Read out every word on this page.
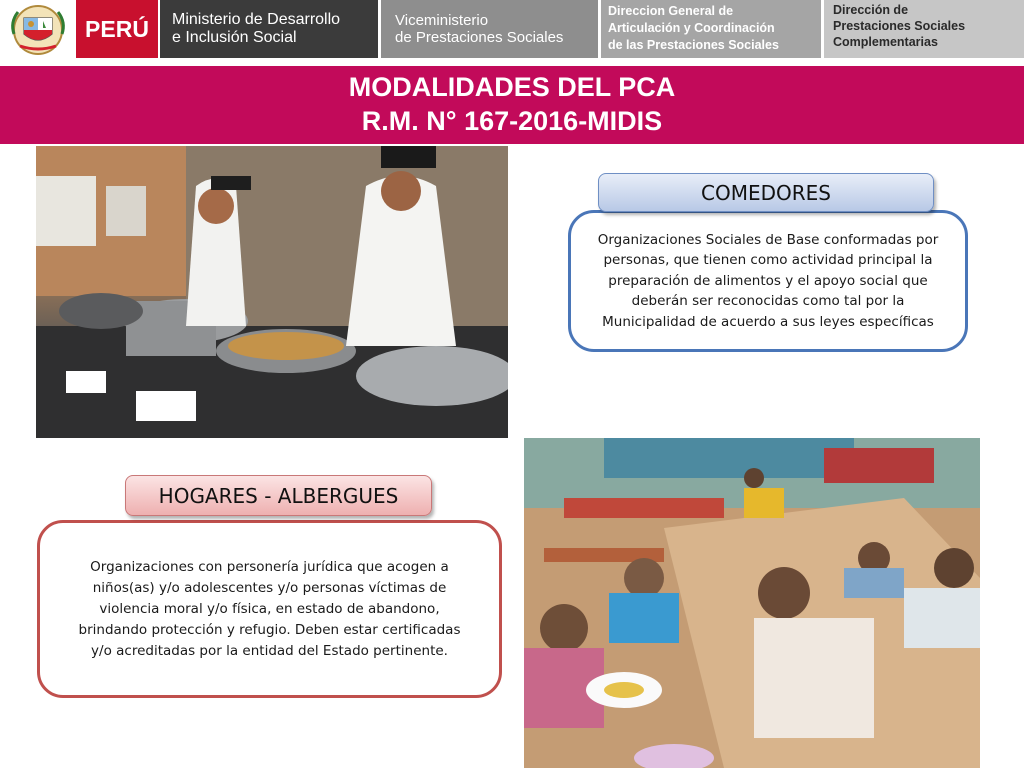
PERÚ Ministerio de Desarrollo
e Inclusión Social
Viceministerio
de Prestaciones Sociales
Direccion General de
Articulación y Coordinación
de las Prestaciones Sociales
Dirección de
Prestaciones Sociales
Complementarias
MODALIDADES DEL PCA
R.M. N° 167-2016-MIDIS
Organizaciones Sociales de Base conformadas por personas, que tienen como actividad principal la preparación de alimentos y el apoyo social que deberán ser reconocidas como tal por la Municipalidad de acuerdo a sus leyes específicas
COMEDORES
Organizaciones con personería jurídica que acogen a niños(as) y/o adolescentes y/o personas víctimas de violencia moral y/o física, en estado de abandono, brindando protección y refugio. Deben estar certificadas y/o acreditadas por la entidad del Estado pertinente.
HOGARES - ALBERGUES
